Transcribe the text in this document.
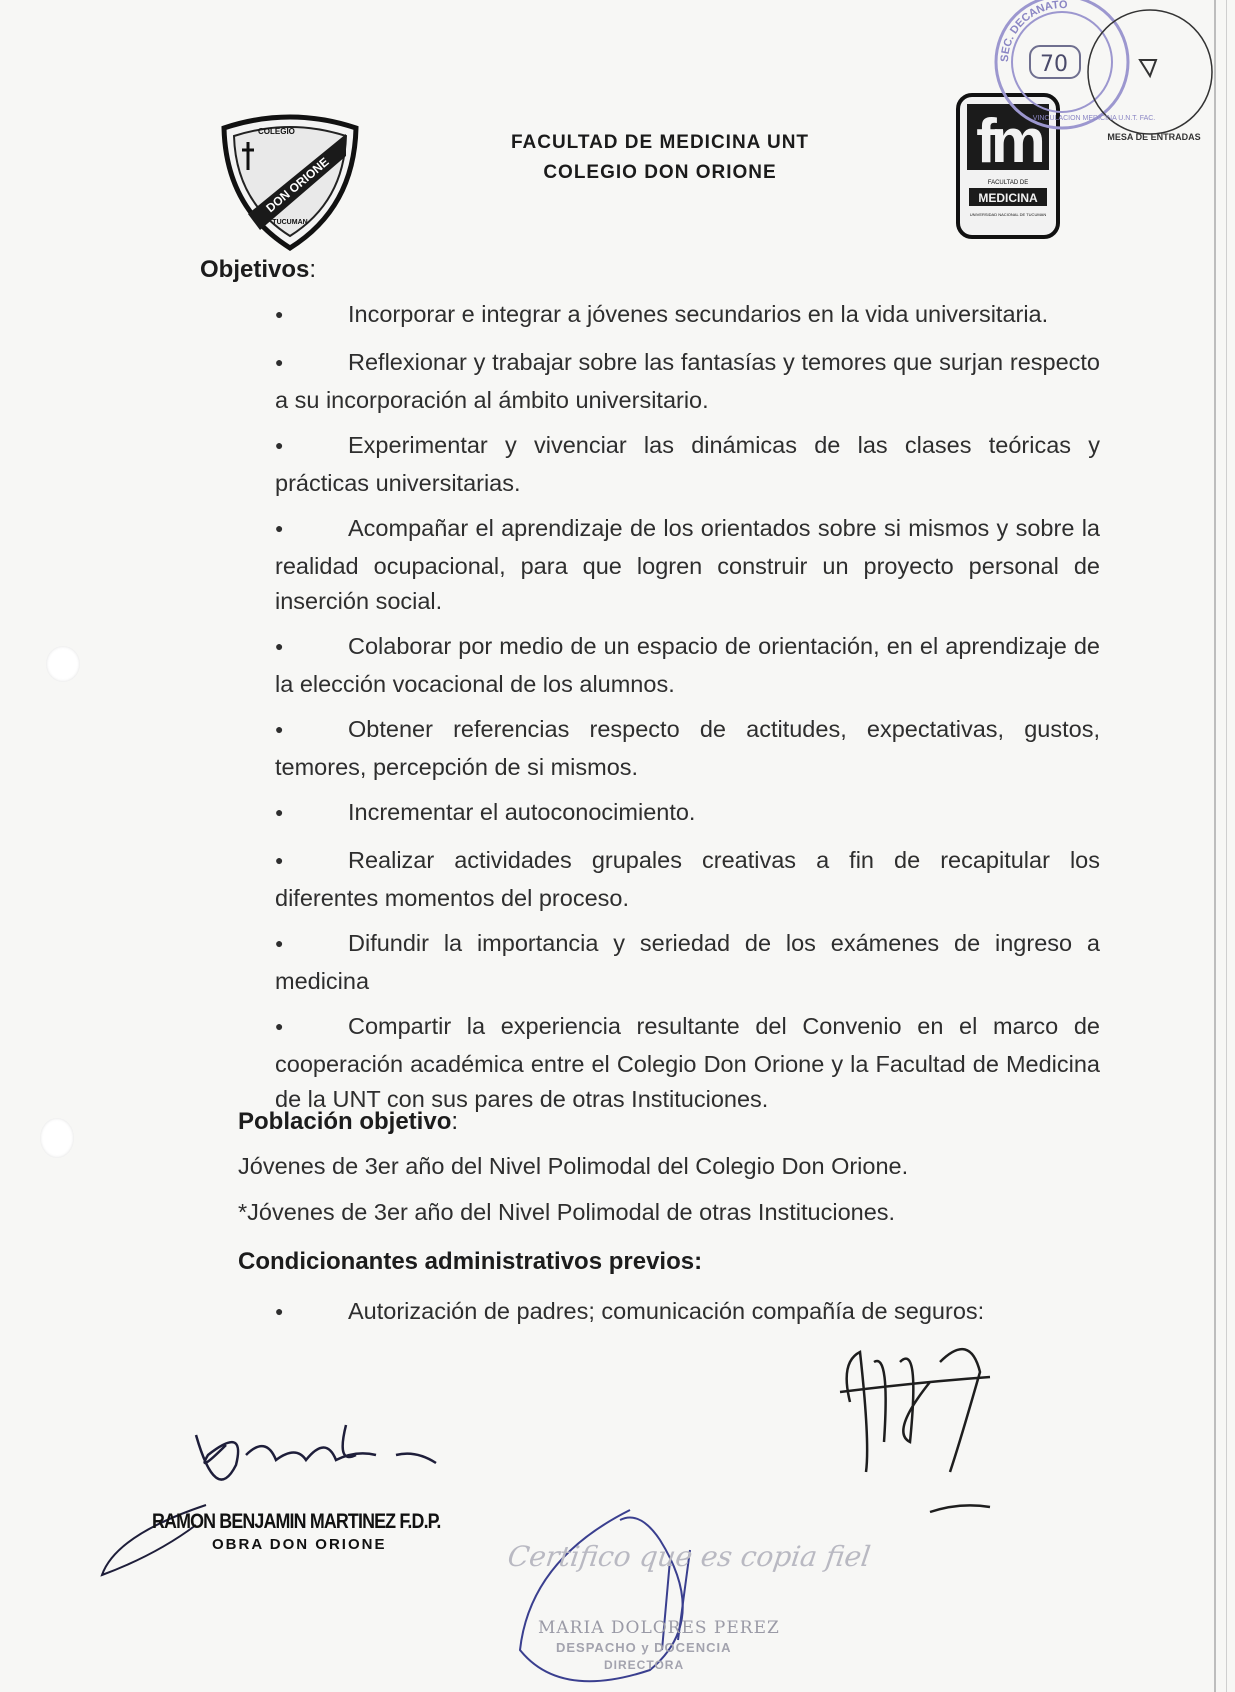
DON ORIONE
COLEGIO
TUCUMAN
FACULTAD DE MEDICINA UNT
COLEGIO DON ORIONE	fm
FACULTAD DE
MEDICINA
UNIVERSIDAD NACIONAL DE TUCUMAN
SEC. DECANATO
70
MESA DE ENTRADAS
VINCULACION MEDICINA U.N.T. FAC.
Objetivos:
●Incorporar e integrar a jóvenes secundarios en la vida universitaria.
●Reflexionar y trabajar sobre las fantasías y temores que surjan respecto a su incorporación al ámbito universitario.
●Experimentar y vivenciar las dinámicas de las clases teóricas y prácticas universitarias.
●Acompañar el aprendizaje de los orientados sobre si mismos y sobre la realidad ocupacional, para que logren construir un proyecto personal de inserción social.
●Colaborar por medio de un espacio de orientación, en el aprendizaje de la elección vocacional de los alumnos.
●Obtener referencias respecto de actitudes, expectativas, gustos, temores, percepción de si mismos.
●Incrementar el autoconocimiento.
●Realizar actividades grupales creativas a fin de recapitular los diferentes momentos del proceso.
●Difundir la importancia y seriedad de los exámenes de ingreso a medicina
●Compartir la experiencia resultante del Convenio en el marco de cooperación académica entre el Colegio Don Orione y la Facultad de Medicina de la UNT con sus pares de otras Instituciones.
Población objetivo:
Jóvenes de 3er año del Nivel Polimodal del Colegio Don Orione.
*Jóvenes de 3er año del Nivel Polimodal de otras Instituciones.
Condicionantes administrativos previos:
●Autorización de padres; comunicación compañía de seguros:
RAMON BENJAMIN MARTINEZ F.D.P.
OBRA DON ORIONE	Certifico que es copia fiel
MARIA DOLORES PEREZ
DESPACHO y DOCENCIA
DIRECTORA
